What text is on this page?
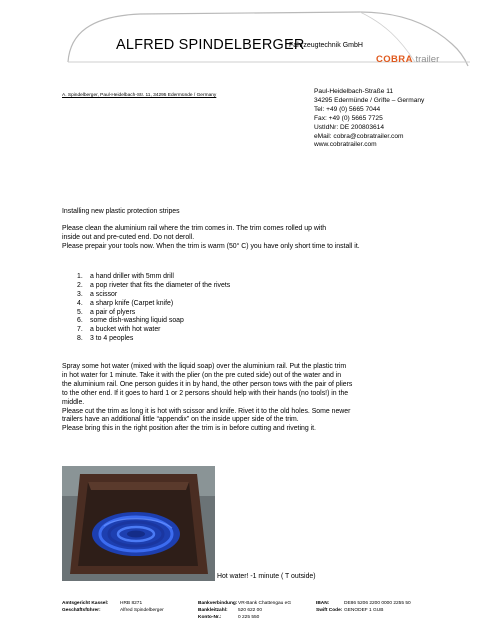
ALFRED SPINDELBERGER
Fahrzeugtechnik GmbH
COBRA trailer
A. Spindelberger, Paul-Heidelbach-Str. 11, 34295 Edermünde / Germany
Paul-Heidelbach-Straße 11
34295 Edermünde / Grifte – Germany
Tel: +49 (0) 5665 7044
Fax: +49 (0) 5665 7725
UstIdNr: DE 200803614
eMail: cobra@cobratrailer.com
www.cobratrailer.com

Installing new plastic protection stripes

Please clean the aluminium rail where the trim comes in. The trim comes rolled up with

inside out and pre-cuted end. Do not deroll.

Please prepair your tools now. When the trim is warm (50° C) you have only short time to install it.

1. a hand driller with 5mm drill
2. a pop riveter that fits the diameter of the rivets
3. a scissor
4. a sharp knife (Carpet knife)
5. a pair of plyers
6. some dish-washing liquid soap
7. a bucket with hot water
8. 3 to 4 peoples

Spray some hot water (mixed with the liquid soap) over the aluminium rail. Put the plastic trim

in hot water for 1 minute. Take it with the plier (on the pre cuted side) out of the water and in

the aluminium rail. One person guides it in by hand, the other person tows with the pair of pliers

to the other end. If it goes to hard 1 or 2 persons should help with their hands (no tools!) in the

middle.

Please cut the trim as long it is hot with scissor and knife. Rivet it to the old holes. Some newer

trailers have an additional little “appendix” on the inside upper side of the trim.

Please bring this in the right position after the trim is in before cutting and riveting it.

Hot water! -1 minute ( T outside)
Amtsgericht Kassel:
Geschäftsführer:
HRB 8271
Alfred Spindelberger
Bankverbindung:
Bankleitzahl:
Konto-Nr.:
VR-Bank Chattengau eG
520 622 00
0 225 550
IBAN:
Swift Code:
DE86 5206 2200 0000 2255 50
GENODEF 1 GUB
